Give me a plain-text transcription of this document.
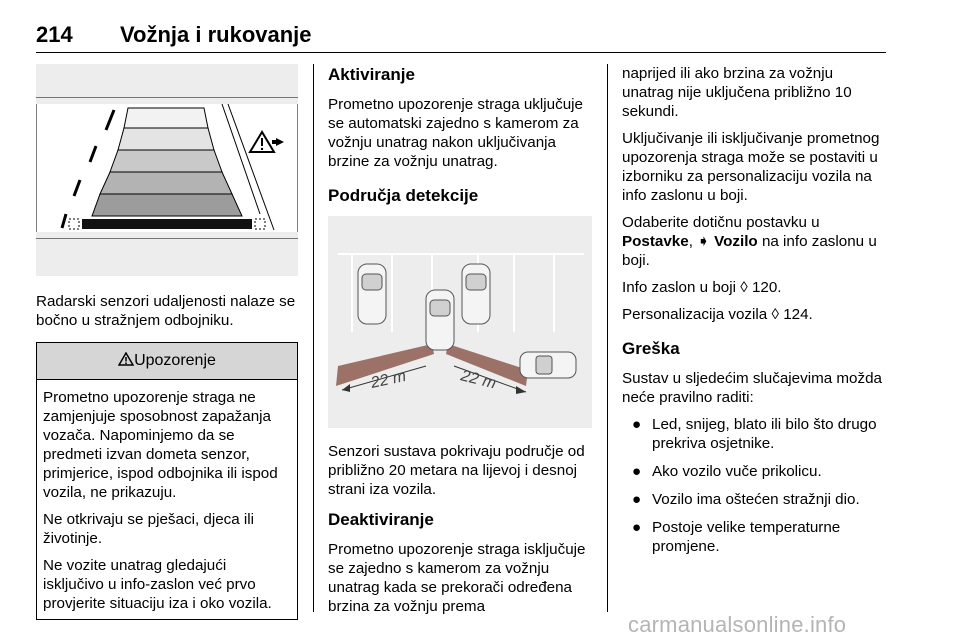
214 Vožnja i rukovanje

Radarski senzori udaljenosti nalaze se bočno u stražnjem odbojniku.

Upozorenje

Prometno upozorenje straga ne zamjenjuje sposobnost zapažanja vozača. Napominjemo da se predmeti izvan dometa senzor, primjerice, ispod odbojnika ili ispod vozila, ne prikazuju.

Ne otkrivaju se pješaci, djeca ili životinje.

Ne vozite unatrag gledajući isključivo u info-zaslon već prvo provjerite situaciju iza i oko vozila.

Aktiviranje

Prometno upozorenje straga uključuje se automatski zajedno s kamerom za vožnju unatrag nakon uključivanja brzine za vožnju unatrag.

Područja detekcije
22 m	22 m

Senzori sustava pokrivaju područje od približno 20 metara na lijevoj i desnoj strani iza vozila.

Deaktiviranje

Prometno upozorenje straga isključuje se zajedno s kamerom za vožnju unatrag kada se prekorači određena brzina za vožnju prema

naprijed ili ako brzina za vožnju unatrag nije uključena približno 10 sekundi.

Uključivanje ili isključivanje prometnog upozorenja straga može se postaviti u izborniku za personalizaciju vozila na info zaslonu u boji.

Odaberite dotičnu postavku u
Postavke, ➧ Vozilo na info zaslonu u boji.

Info zaslon u boji ◊ 120.

Personalizacija vozila ◊ 124.

Greška

Sustav u sljedećim slučajevima možda neće pravilno raditi:

● Led, snijeg, blato ili bilo što drugo prekriva osjetnike.
● Ako vozilo vuče prikolicu.
● Vozilo ima oštećen stražnji dio.
● Postoje velike temperaturne promjene.
carmanualsonline.info
